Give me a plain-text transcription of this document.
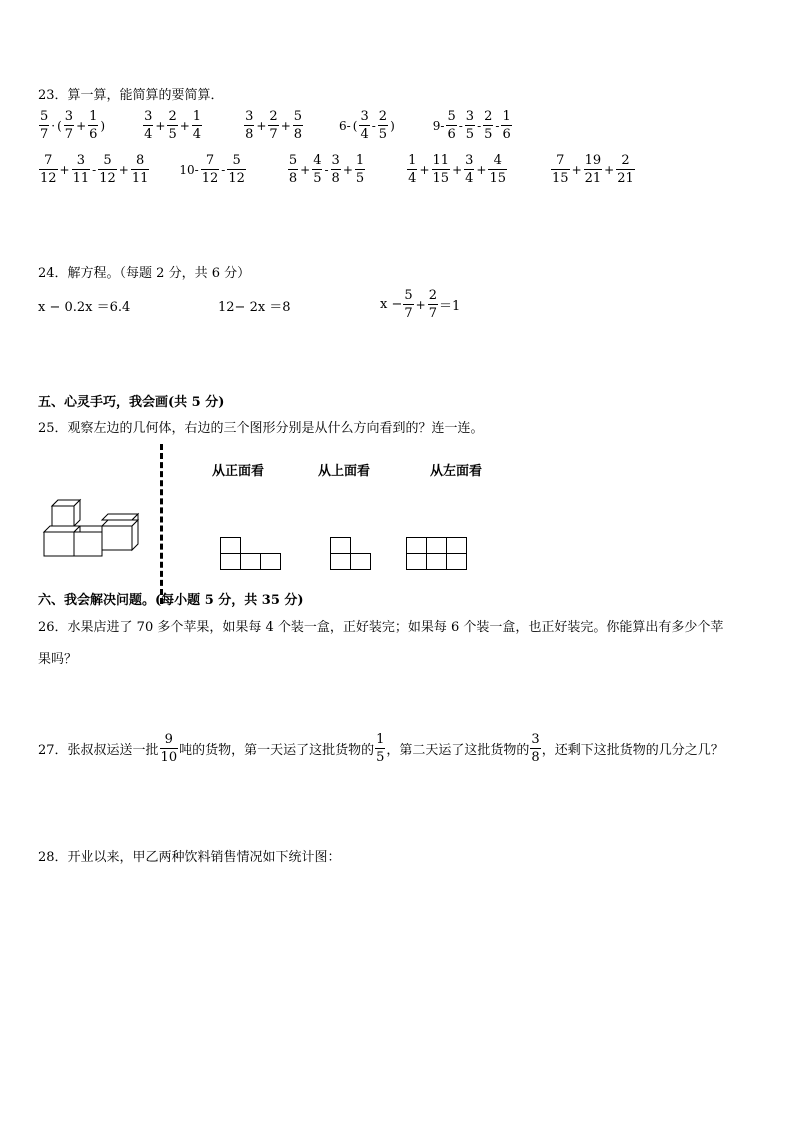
23．算一算，能简算的要简算．
$\frac{5}{7}$ · ( $\frac{3}{7} + \frac{1}{6}$ )	$\frac{3}{4} + \frac{2}{5} + \frac{1}{4}$	$\frac{3}{8} + \frac{2}{7} + \frac{5}{8}$	6- ( $\frac{3}{4} - \frac{2}{5}$ )	$9- \frac{5}{6} - \frac{3}{5} - \frac{2}{5} - \frac{1}{6}$
$\frac{7}{12} + \frac{3}{11} - \frac{5}{12} + \frac{8}{11}$	$10- \frac{7}{12} - \frac{5}{12}$	$\frac{5}{8} + \frac{4}{5} - \frac{3}{8} + \frac{1}{5}$	$\frac{1}{4} + \frac{11}{15} + \frac{3}{4} + \frac{4}{15}$	$\frac{7}{15} + \frac{19}{21} + \frac{2}{21}$
24．解方程。（每题 2 分，共 6 分）
x − 0.2x ＝6.4	12− 2x ＝8	$x - \frac{5}{7} + \frac{2}{7} =1$
五、心灵手巧，我会画(共 5 分)
25．观察左边的几何体，右边的三个图形分别是从什么方向看到的？连一连。
从正面看	从上面看	从左面看
六、我会解决问题。(每小题 5 分，共 35 分)
26．水果店进了 70 多个苹果，如果每 4 个装一盒，正好装完；如果每 6 个装一盒，也正好装完。你能算出有多少个苹
果吗？
27．张叔叔运送一批 $\frac{9}{10}$ 吨的货物，第一天运了这批货物的 $\frac{1}{5}$ ，第二天运了这批货物的 $\frac{3}{8}$ ，还剩下这批货物的几分之几？
28．开业以来，甲乙两种饮料销售情况如下统计图：
